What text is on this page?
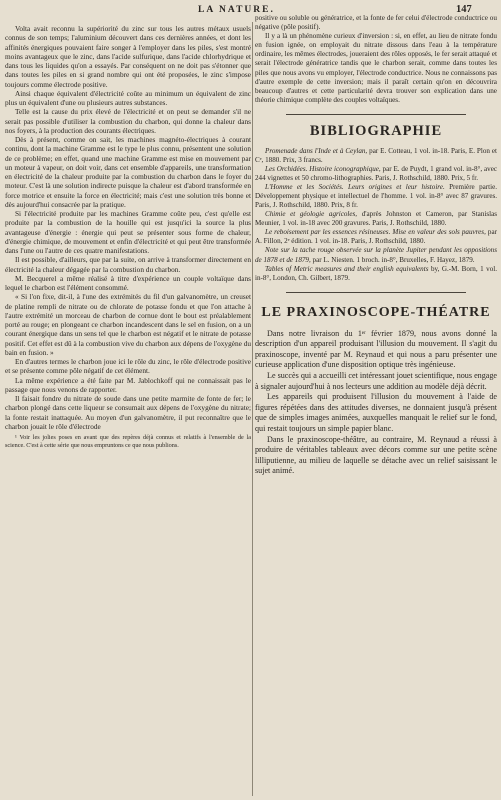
LA NATURE.	147

Volta avait reconnu la supériorité du zinc sur tous les autres métaux usuels connus de son temps; l'aluminium découvert dans ces dernières années, et dont les affinités énergiques pouvaient faire songer à l'employer dans les piles, s'est montré moins avantageux que le zinc, dans l'acide sulfurique, dans l'acide chlorhydrique et dans tous les liquides qu'on a essayés. Par conséquent on ne doit pas s'étonner que dans toutes les piles en si grand nombre qui ont été proposées, le zinc s'impose toujours comme électrode positive.

Ainsi chaque équivalent d'électricité coûte au minimum un équivalent de zinc plus un équivalent d'une ou plusieurs autres substances.

Telle est la cause du prix élevé de l'électricité et on peut se demander s'il ne serait pas possible d'utiliser la combustion du charbon, qui donne la chaleur dans nos foyers, à la production des courants électriques.

Dès à présent, comme on sait, les machines magnéto-électriques à courant continu, dont la machine Gramme est le type le plus connu, présentent une solution de ce problème; en effet, quand une machine Gramme est mise en mouvement par un moteur à vapeur, on doit voir, dans cet ensemble d'appareils, une transformation en électricité de la chaleur produite par la combustion du charbon dans le foyer du moteur. C'est là une solution indirecte puisque la chaleur est d'abord transformée en force motrice et ensuite la force en électricité; mais c'est une solution très bonne et dès aujourd'hui consacrée par la pratique.

Si l'électricité produite par les machines Gramme coûte peu, c'est qu'elle est produite par la combustion de la houille qui est jusqu'ici la source la plus avantageuse d'énergie : énergie qui peut se présenter sous forme de chaleur, d'énergie chimique, de mouvement et enfin d'électricité et qui peut être transformée dans l'une ou l'autre de ces quatre manifestations.

Il est possible, d'ailleurs, que par la suite, on arrive à transformer directement en électricité la chaleur dégagée par la combustion du charbon.

M. Becquerel a même réalisé à titre d'expérience un couple voltaïque dans lequel le charbon est l'élément consommé.

« Si l'on fixe, dit-il, à l'une des extrémités du fil d'un galvanomètre, un creuset de platine rempli de nitrate ou de chlorate de potasse fondu et que l'on attache à l'autre extrémité un morceau de charbon de cornue dont le bout est préalablement porté au rouge; en plongeant ce charbon incandescent dans le sel en fusion, on a un courant énergique dans un sens tel que le charbon est négatif et le nitrate de potasse positif. Cet effet est dû à la combustion vive du charbon aux dépens de l'oxygène du bain en fusion. »

En d'autres termes le charbon joue ici le rôle du zinc, le rôle d'électrode positive et se présente comme pôle négatif de cet élément.

La même expérience a été faite par M. Jablochkoff qui ne connaissait pas le passage que nous venons de rapporter.

Il faisait fondre du nitrate de soude dans une petite marmite de fonte de fer; le charbon plongé dans cette liqueur se consumait aux dépens de l'oxygène du nitrate; la fonte restait inattaquée. Au moyen d'un galvanomètre, il put reconnaître que le charbon jouait le rôle d'électrode

¹ Voir les jolies poses en avant que des repères déjà connus et relatifs à l'ensemble de la science. C'est à cette série que nous empruntons ce que nous publions.

positive ou soluble ou génératrice, et la fonte de fer celui d'électrode conductrice ou négative (pôle positif).

Il y a là un phénomène curieux d'inversion : si, en effet, au lieu de nitrate fondu en fusion ignée, on employait du nitrate dissous dans l'eau à la température ordinaire, les mêmes électrodes, joueraient des rôles opposés, le fer serait attaqué et serait l'électrode génératrice tandis que le charbon serait, comme dans toutes les piles que nous avons vu employer, l'électrode conductrice. Nous ne connaissons pas d'autre exemple de cette inversion; mais il paraît certain qu'on en découvrira beaucoup d'autres et cette particularité devra trouver son explication dans une théorie chimique complète des couples voltaïques.

BIBLIOGRAPHIE

Promenade dans l'Inde et à Ceylan, par E. Cotteau, 1 vol. in-18. Paris, E. Plon et Cᵉ, 1880. Prix, 3 francs.

Les Orchidées. Histoire iconographique, par E. de Puydt, 1 grand vol. in-8°, avec 244 vignettes et 50 chromo-lithographies. Paris, J. Rothschild, 1880. Prix, 5 fr.

L'Homme et les Sociétés. Leurs origines et leur histoire. Première partie. Développement physique et intellectuel de l'homme. 1 vol. in-8° avec 87 gravures. Paris, J. Rothschild, 1880. Prix, 8 fr.

Chimie et géologie agricoles, d'après Johnston et Cameron, par Stanislas Meunier, 1 vol. in-18 avec 200 gravures. Paris, J. Rothschild, 1880.

Le reboisement par les essences résineuses. Mise en valeur des sols pauvres, par A. Fillon, 2ᵉ édition. 1 vol. in-18. Paris, J. Rothschild, 1880.

Note sur la tache rouge observée sur la planète Jupiter pendant les oppositions de 1878 et de 1879, par L. Niesten. 1 broch. in-8°, Bruxelles, F. Hayez, 1879.

Tables of Metric measures and their english equivalents by, G.-M. Born, 1 vol. in-8°, London, Ch. Gilbert, 1879.

LE PRAXINOSCOPE-THÉATRE

Dans notre livraison du 1ᵉʳ février 1879, nous avons donné la description d'un appareil produisant l'illusion du mouvement. Il s'agit du praxinoscope, inventé par M. Reynaud et qui nous a paru présenter une curieuse application d'une disposition optique très ingénieuse.

Le succès qui a accueilli cet intéressant jouet scientifique, nous engage à signaler aujourd'hui à nos lecteurs une addition au modèle déjà décrit.

Les appareils qui produisent l'illusion du mouvement à l'aide de figures répétées dans des attitudes diverses, ne donnaient jusqu'à présent que de simples images animées, auxquelles manquait le relief sur le fond, qui restait toujours un simple papier blanc.

Dans le praxinoscope-théâtre, au contraire, M. Reynaud a réussi à produire de véritables tableaux avec décors comme sur une petite scène lilliputienne, au milieu de laquelle se détache avec un relief saisissant le sujet animé.
